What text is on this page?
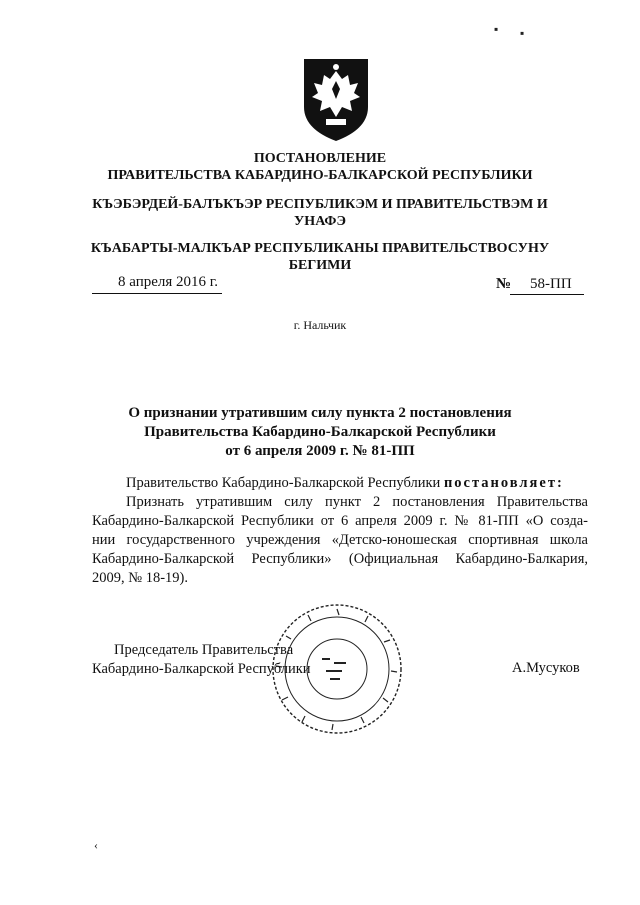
▪ ▪
‹
ПОСТАНОВЛЕНИЕ
ПРАВИТЕЛЬСТВА КАБАРДИНО-БАЛКАРСКОЙ РЕСПУБЛИКИ
КЪЭБЭРДЕЙ-БАЛЪКЪЭР РЕСПУБЛИКЭМ И ПРАВИТЕЛЬСТВЭМ И
УНАФЭ
КЪАБАРТЫ-МАЛКЪАР РЕСПУБЛИКАНЫ ПРАВИТЕЛЬСТВОСУНУ
БЕГИМИ
8 апреля 2016 г.	№ 58-ПП
г. Нальчик
О признании утратившим силу пункта 2 постановления
Правительства Кабардино-Балкарской Республики
от 6 апреля 2009 г. № 81-ПП
Правительство Кабардино-Балкарской Республики постановляет:
Признать утратившим силу пункт 2 постановления Правительства
Кабардино-Балкарской Республики от 6 апреля 2009 г. № 81-ПП «О созда-
нии государственного учреждения «Детско-юношеская спортивная школа
Кабардино-Балкарской Республики» (Официальная Кабардино-Балкария,
2009, № 18-19).
Председатель Правительства
Кабардино-Балкарской Республики	А.Мусуков
